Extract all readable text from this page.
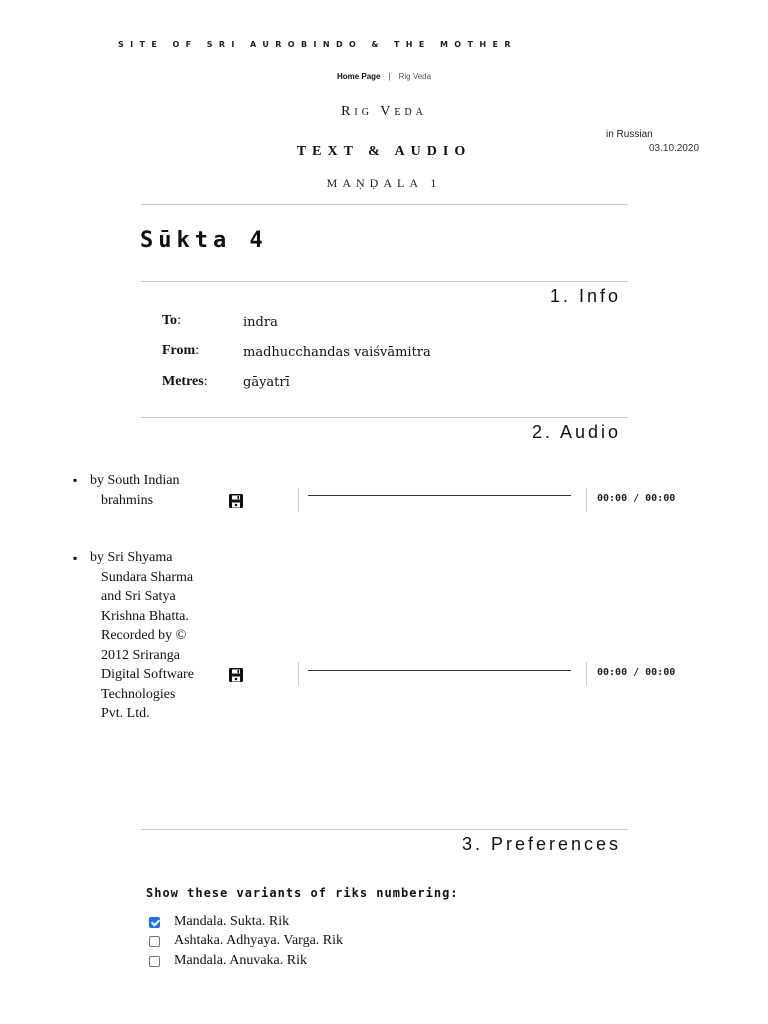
SITE OF SRI AUROBINDO & THE MOTHER
Home Page | Rig Veda
Rig Veda
TEXT & AUDIO
MAṆḌALA 1
in Russian
03.10.2020
Sūkta 4
1. Info
To:	indra
From:	madhucchandas vaiśvāmitra
Metres:	gāyatrī
2. Audio
▪ by South Indian brahmins	00:00 / 00:00
▪ by Sri Shyama Sundara Sharma and Sri Satya Krishna Bhatta. Recorded by © 2012 Sriranga Digital Software Technologies Pvt. Ltd.
00:00 / 00:00
3. Preferences
Show these variants of riks numbering:
Mandala. Sukta. Rik
Ashtaka. Adhyaya. Varga. Rik
Mandala. Anuvaka. Rik
